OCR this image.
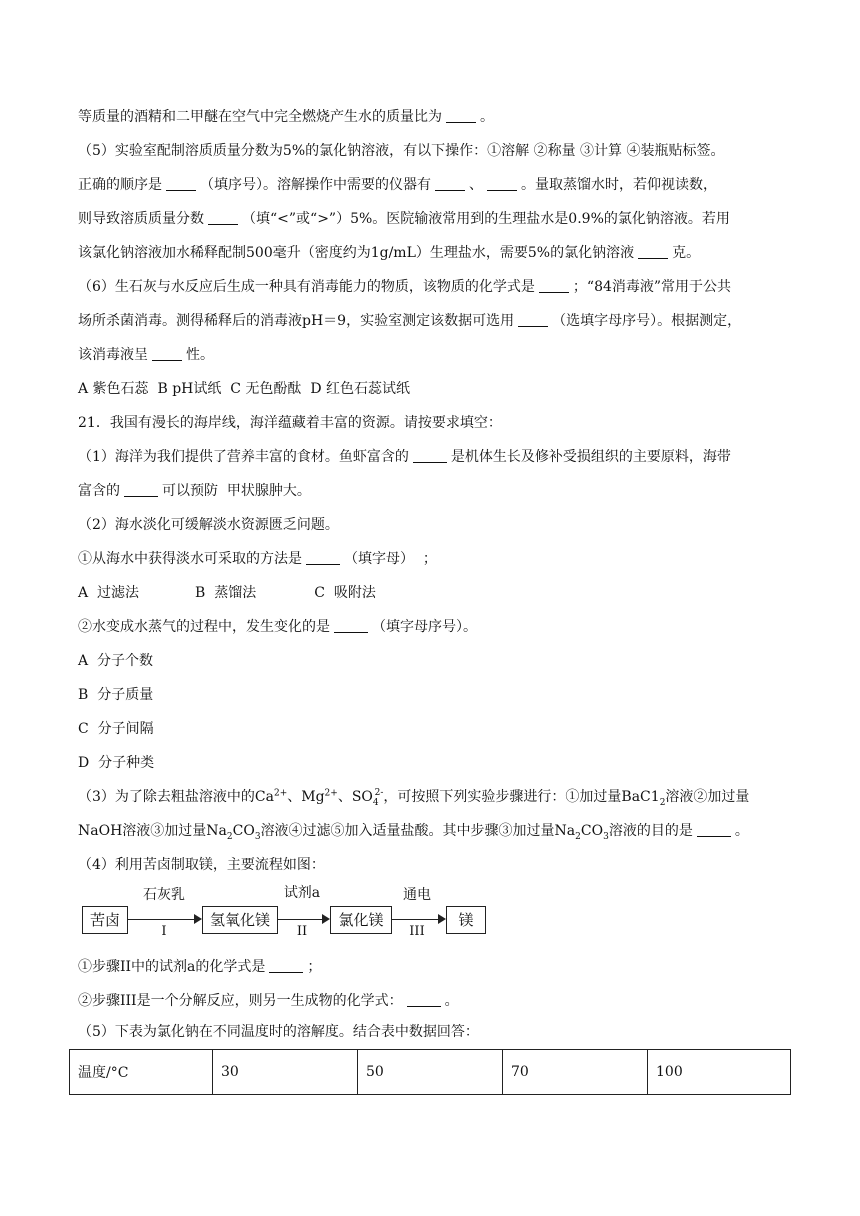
等质量的酒精和二甲醚在空气中完全燃烧产生水的质量比为	。
（5）实验室配制溶质质量分数为5%的氯化钠溶液，有以下操作：①溶解 ②称量 ③计算 ④装瓶贴标签。
正确的顺序是	（填序号）。溶解操作中需要的仪器有	、	。量取蒸馏水时，若仰视读数，
则导致溶质质量分数	（填“<”或“>”）5%。医院输液常用到的生理盐水是0.9%的氯化钠溶液。若用
该氯化钠溶液加水稀释配制500毫升（密度约为1g/mL）生理盐水，需要5%的氯化钠溶液	克。
（6）生石灰与水反应后生成一种具有消毒能力的物质，该物质的化学式是	；“84消毒液”常用于公共
场所杀菌消毒。测得稀释后的消毒液pH＝9，实验室测定该数据可选用	（选填字母序号）。根据测定，
该消毒液呈	性。
A 紫色石蕊  B pH试纸  C 无色酚酞  D 红色石蕊试纸
21．我国有漫长的海岸线，海洋蕴藏着丰富的资源。请按要求填空：
（1）海洋为我们提供了营养丰富的食材。鱼虾富含的	是机体生长及修补受损组织的主要原料，海带
富含的	可以预防  甲状腺肿大。
（2）海水淡化可缓解淡水资源匮乏问题。
①从海水中获得淡水可采取的方法是	（填字母）  ；
A  过滤法	B  蒸馏法	C  吸附法
②水变成水蒸气的过程中，发生变化的是	（填字母序号）。
A  分子个数
B  分子质量
C  分子间隔
D  分子种类
（3）为了除去粗盐溶液中的$Ca^{2+}$、$Mg^{2+}$、$SO_4^{2-}$，可按照下列实验步骤进行：①加过量$BaC1_2$溶液②加过量
NaOH溶液③加过量$Na_2CO_3$溶液④过滤⑤加入适量盐酸。其中步骤③加过量$Na_2CO_3$溶液的目的是	。
（4）利用苦卤制取镁，主要流程如图：
苦卤
石灰乳
I
氢氧化镁
试剂a
II
氯化镁
通电
III
镁
①步骤II中的试剂a的化学式是	；
②步骤III是一个分解反应，则另一生成物的化学式：	。
（5）下表为氯化钠在不同温度时的溶解度。结合表中数据回答：
温度/°C	30	50	70	100
